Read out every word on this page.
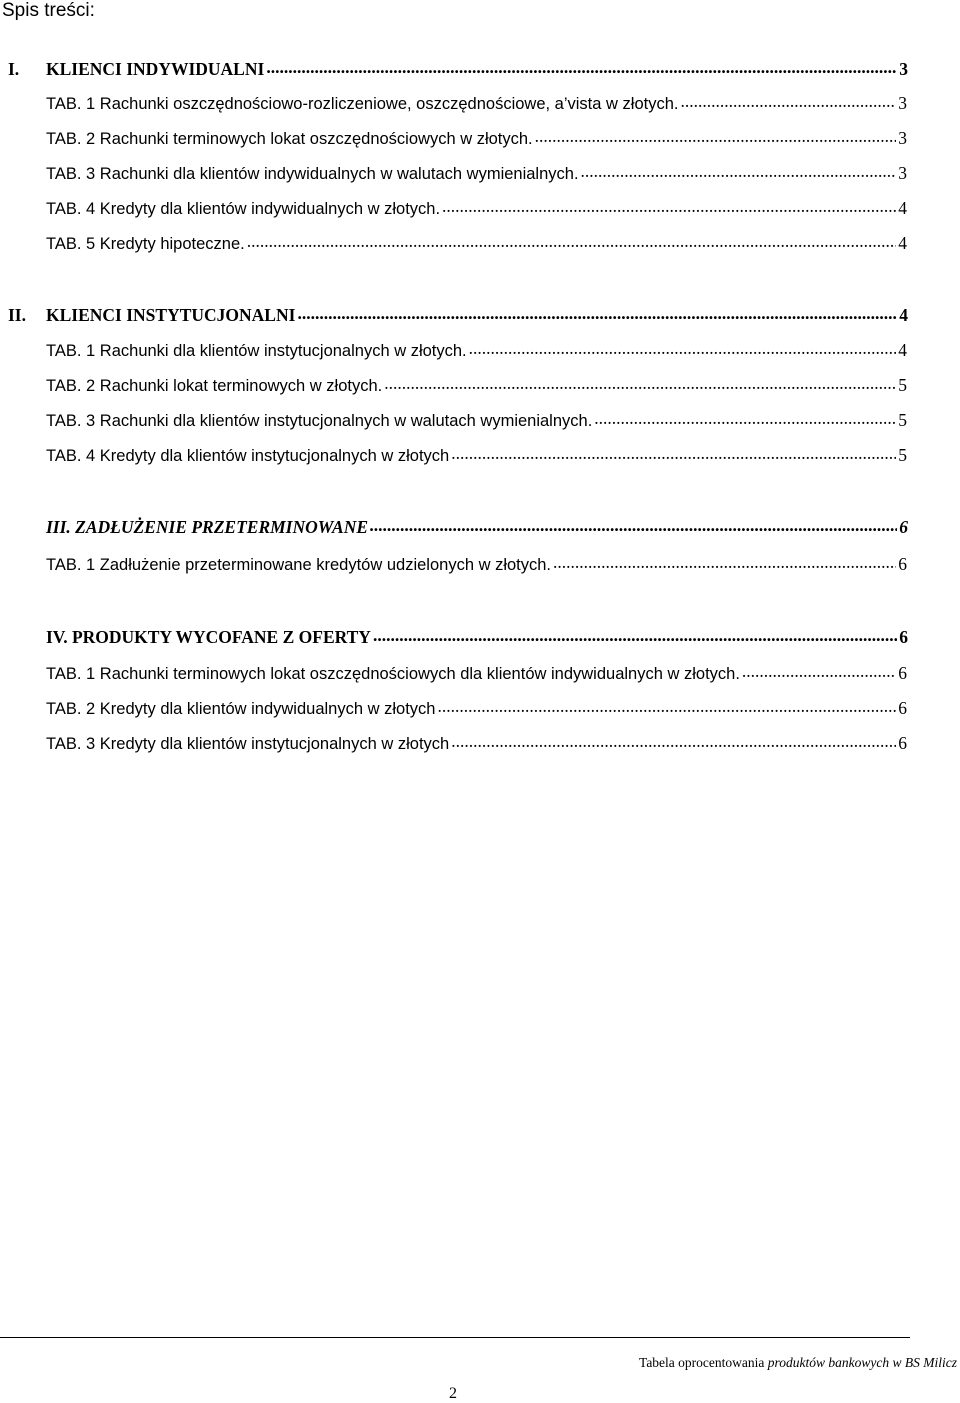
Spis treści:
I. KLIENCI INDYWIDUALNI .....	3
TAB. 1 Rachunki oszczędnościowo-rozliczeniowe, oszczędnościowe, a’vista w złotych. .....	3
TAB. 2 Rachunki terminowych lokat oszczędnościowych w złotych. .....	3
TAB. 3 Rachunki dla klientów indywidualnych w walutach wymienialnych. .....	3
TAB. 4 Kredyty dla klientów indywidualnych w złotych. .....	4
TAB. 5 Kredyty hipoteczne. .....	4
II. KLIENCI INSTYTUCJONALNI .....	4
TAB. 1 Rachunki dla klientów instytucjonalnych w złotych. .....	4
TAB. 2 Rachunki lokat terminowych w złotych. .....	5
TAB. 3 Rachunki dla klientów instytucjonalnych w walutach wymienialnych. .....	5
TAB. 4 Kredyty dla klientów instytucjonalnych w złotych .....	5
III. ZADŁUŻENIE PRZETERMINOWANE .....	6
TAB. 1 Zadłużenie przeterminowane kredytów udzielonych w złotych. .....	6
IV. PRODUKTY WYCOFANE Z OFERTY .....	6
TAB. 1 Rachunki terminowych lokat oszczędnościowych dla klientów indywidualnych w złotych. .....	6
TAB. 2 Kredyty dla klientów indywidualnych w złotych .....	6
TAB. 3 Kredyty dla klientów instytucjonalnych w złotych .....	6
Tabela oprocentowania produktów bankowych w BS Milicz
2
